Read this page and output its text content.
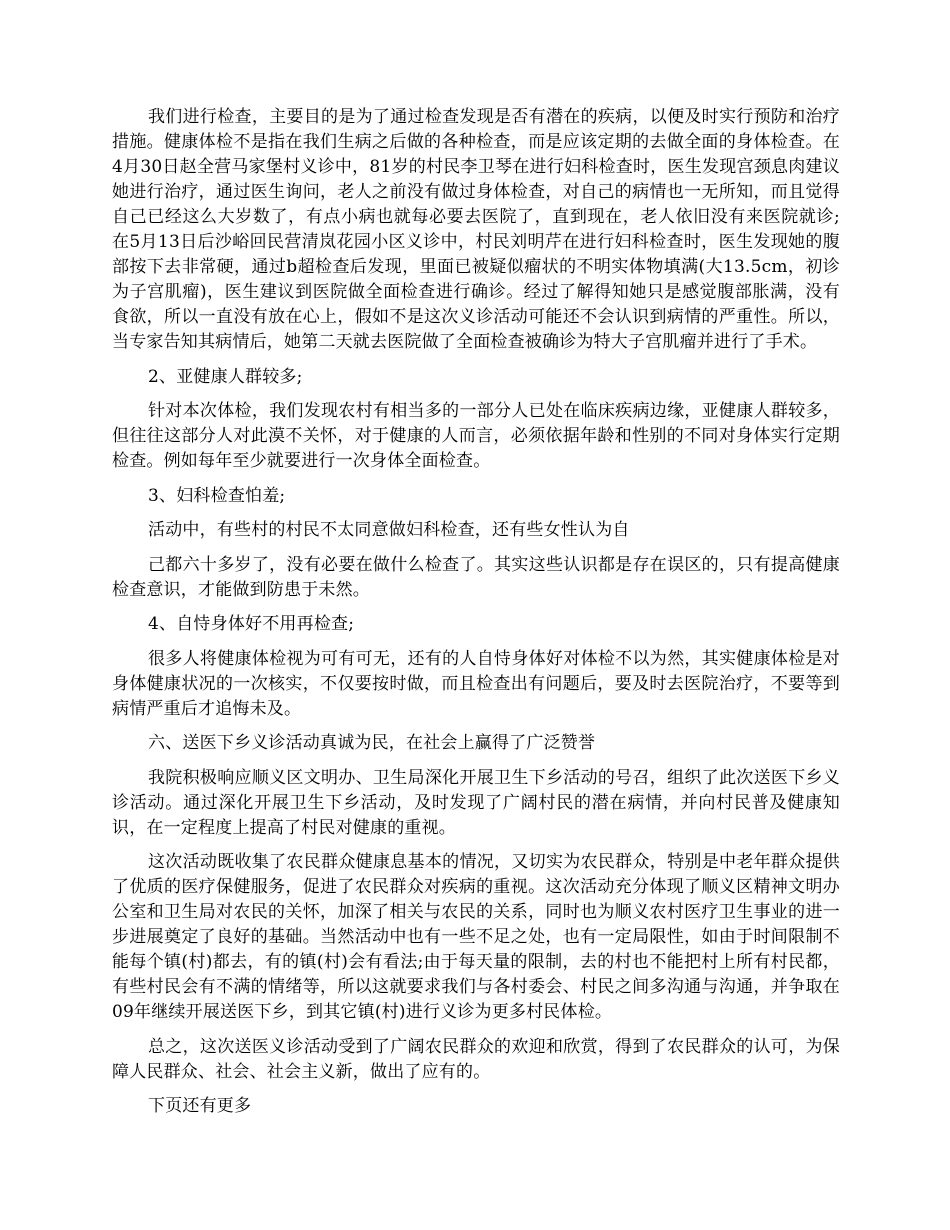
我们进行检查，主要目的是为了通过检查发现是否有潜在的疾病，以便及时实行预防和治疗措施。健康体检不是指在我们生病之后做的各种检查，而是应该定期的去做全面的身体检查。在4月30日赵全营马家堡村义诊中，81岁的村民李卫琴在进行妇科检查时，医生发现宫颈息肉建议她进行治疗，通过医生询问，老人之前没有做过身体检查，对自己的病情也一无所知，而且觉得自己已经这么大岁数了，有点小病也就每必要去医院了，直到现在，老人依旧没有来医院就诊;在5月13日后沙峪回民营清岚花园小区义诊中，村民刘明芹在进行妇科检查时，医生发现她的腹部按下去非常硬，通过b超检查后发现，里面已被疑似瘤状的不明实体物填满(大13.5cm，初诊为子宫肌瘤)，医生建议到医院做全面检查进行确诊。经过了解得知她只是感觉腹部胀满，没有食欲，所以一直没有放在心上，假如不是这次义诊活动可能还不会认识到病情的严重性。所以，当专家告知其病情后，她第二天就去医院做了全面检查被确诊为特大子宫肌瘤并进行了手术。

2、亚健康人群较多;

针对本次体检，我们发现农村有相当多的一部分人已处在临床疾病边缘，亚健康人群较多，但往往这部分人对此漠不关怀，对于健康的人而言，必须依据年龄和性别的不同对身体实行定期检查。例如每年至少就要进行一次身体全面检查。

3、妇科检查怕羞;

活动中，有些村的村民不太同意做妇科检查，还有些女性认为自

己都六十多岁了，没有必要在做什么检查了。其实这些认识都是存在误区的，只有提高健康检查意识，才能做到防患于未然。

4、自恃身体好不用再检查;

很多人将健康体检视为可有可无，还有的人自恃身体好对体检不以为然，其实健康体检是对身体健康状况的一次核实，不仅要按时做，而且检查出有问题后，要及时去医院治疗，不要等到病情严重后才追悔未及。

六、送医下乡义诊活动真诚为民，在社会上赢得了广泛赞誉

我院积极响应顺义区文明办、卫生局深化开展卫生下乡活动的号召，组织了此次送医下乡义诊活动。通过深化开展卫生下乡活动，及时发现了广阔村民的潜在病情，并向村民普及健康知识，在一定程度上提高了村民对健康的重视。

这次活动既收集了农民群众健康息基本的情况，又切实为农民群众，特别是中老年群众提供了优质的医疗保健服务，促进了农民群众对疾病的重视。这次活动充分体现了顺义区精神文明办公室和卫生局对农民的关怀，加深了相关与农民的关系，同时也为顺义农村医疗卫生事业的进一步进展奠定了良好的基础。当然活动中也有一些不足之处，也有一定局限性，如由于时间限制不能每个镇(村)都去，有的镇(村)会有看法;由于每天量的限制，去的村也不能把村上所有村民都，有些村民会有不满的情绪等，所以这就要求我们与各村委会、村民之间多沟通与沟通，并争取在09年继续开展送医下乡，到其它镇(村)进行义诊为更多村民体检。

总之，这次送医义诊活动受到了广阔农民群众的欢迎和欣赏，得到了农民群众的认可，为保障人民群众、社会、社会主义新，做出了应有的。

下页还有更多
